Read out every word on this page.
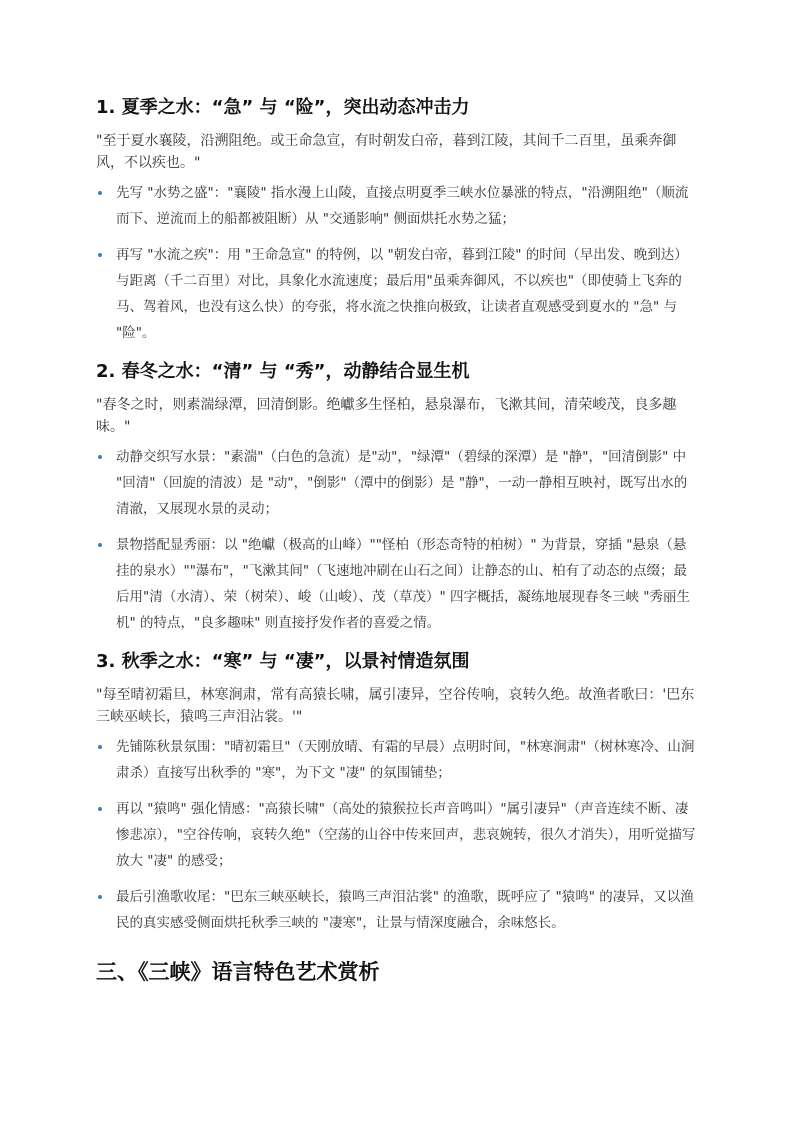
1. 夏季之水：“急” 与 “险”，突出动态冲击力

"至于夏水襄陵，沿溯阻绝。或王命急宣，有时朝发白帝，暮到江陵，其间千二百里，虽乘奔御风，不以疾也。"

先写 "水势之盛"："襄陵" 指水漫上山陵，直接点明夏季三峡水位暴涨的特点，"沿溯阻绝"（顺流而下、逆流而上的船都被阻断）从 "交通影响" 侧面烘托水势之猛；
再写 "水流之疾"：用 "王命急宣" 的特例，以 "朝发白帝，暮到江陵" 的时间（早出发、晚到达）与距离（千二百里）对比，具象化水流速度；最后用"虽乘奔御风，不以疾也"（即使骑上飞奔的马、驾着风，也没有这么快）的夸张，将水流之快推向极致，让读者直观感受到夏水的 "急" 与 "险"。
2. 春冬之水：“清” 与 “秀”，动静结合显生机

"春冬之时，则素湍绿潭，回清倒影。绝巘多生怪柏，悬泉瀑布，飞漱其间，清荣峻茂，良多趣味。"

动静交织写水景："素湍"（白色的急流）是"动"，"绿潭"（碧绿的深潭）是 "静"，"回清倒影" 中 "回清"（回旋的清波）是 "动"，"倒影"（潭中的倒影）是 "静"，一动一静相互映衬，既写出水的清澈，又展现水景的灵动；
景物搭配显秀丽：以 "绝巘（极高的山峰）""怪柏（形态奇特的柏树）" 为背景，穿插 "悬泉（悬挂的泉水）""瀑布"，"飞漱其间"（飞速地冲刷在山石之间）让静态的山、柏有了动态的点缀；最后用"清（水清）、荣（树荣）、峻（山峻）、茂（草茂）" 四字概括，凝练地展现春冬三峡 "秀丽生机" 的特点，"良多趣味" 则直接抒发作者的喜爱之情。
3. 秋季之水：“寒” 与 “凄”，以景衬情造氛围

"每至晴初霜旦，林寒涧肃，常有高猿长啸，属引凄异，空谷传响，哀转久绝。故渔者歌曰：'巴东三峡巫峡长，猿鸣三声泪沾裳。'"

先铺陈秋景氛围："晴初霜旦"（天刚放晴、有霜的早晨）点明时间，"林寒涧肃"（树林寒冷、山涧肃杀）直接写出秋季的 "寒"，为下文 "凄" 的氛围铺垫；
再以 "猿鸣" 强化情感："高猿长啸"（高处的猿猴拉长声音鸣叫）"属引凄异"（声音连续不断、凄惨悲凉），"空谷传响，哀转久绝"（空荡的山谷中传来回声，悲哀婉转，很久才消失），用听觉描写放大 "凄" 的感受；
最后引渔歌收尾："巴东三峡巫峡长，猿鸣三声泪沾裳" 的渔歌，既呼应了 "猿鸣" 的凄异，又以渔民的真实感受侧面烘托秋季三峡的 "凄寒"，让景与情深度融合，余味悠长。
三、《三峡》语言特色艺术赏析
